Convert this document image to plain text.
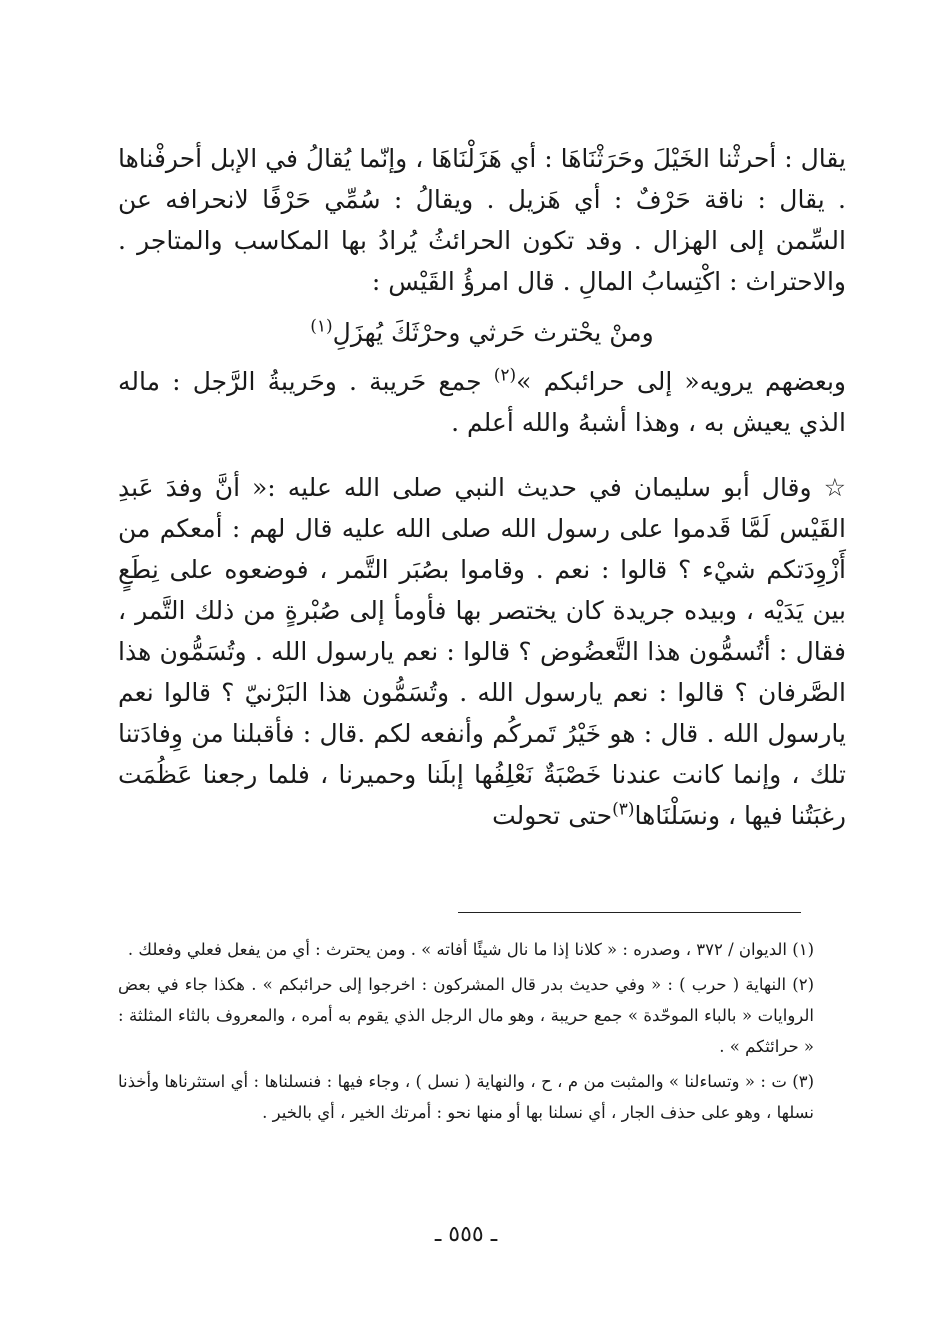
يقال : أحرثْنا الخَيْلَ وحَرَثْنَاهَا : أي هَزَلْنَاهَا ، وإنّما يُقالُ في الإبل أحرفْناها . يقال : ناقة حَرْفٌ : أي هَزيل . ويقالُ : سُمِّي حَرْفًا لانحرافه عن السِّمن إلى الهزال . وقد تكون الحرائثُ يُرادُ بها المكاسب والمتاجر . والاحتراث : اكْتِسابُ المالِ . قال امرؤُ القَيْس :

ومنْ يحْترث حَرثي وحرْثَكَ يُهزَلِ$^{(١)}$

وبعضهم يرويه« إلى حرائبكم »$^{(٢)}$ جمع حَريبة . وحَريبةُ الرَّجل : ماله الذي يعيش به ، وهذا أشبهُ والله أعلم .

☆ وقال أبو سليمان في حديث النبي صلى الله عليه :« أنَّ وفدَ عَبدِ القَيْس لَمَّا قَدموا على رسول الله صلى الله عليه قال لهم : أمعكم من أَزْوِدَتكم شيْء ؟ قالوا : نعم . وقاموا بصُبَر التَّمر ، فوضعوه على نِطَعٍ بين يَدَيْه ، وبيده جريدة كان يختصر بها فأومأ إلى صُبْرةٍ من ذلك التَّمر ، فقال : أتُسمُّون هذا التَّعضُوض ؟ قالوا : نعم يارسول الله . وتُسَمُّون هذا الصَّرفان ؟ قالوا : نعم يارسول الله . وتُسَمُّون هذا البَرْنيّ ؟ قالوا نعم يارسول الله . قال : هو خَيْرُ تَمركُم وأنفعه لكم .قال : فأقبلنا من وِفادَتنا تلك ، وإنما كانت عندنا خَصْبَةٌ نَعْلِفُها إبلَنا وحميرنا ، فلما رجعنا عَظُمَت رغبَتُنا فيها ، ونسَلْنَاها$^{(٣)}$حتى تحولت

(١) الديوان / ٣٧٢ ، وصدره : « كلانا إذا ما نال شيئًا أفاته » . ومن يحترث : أي من يفعل فعلي وفعلك .

(٢) النهاية ( حرب ) : « وفي حديث بدر قال المشركون : اخرجوا إلى حرائبكم » . هكذا جاء في بعض الروايات « بالباء الموحّدة » جمع حريبة ، وهو مال الرجل الذي يقوم به أمره ، والمعروف بالثاء المثلثة : « حرائثكم » .

(٣) ت : « وتساءلنا » والمثبت من م ، ح ، والنهاية ( نسل ) ، وجاء فيها : فنسلناها : أي استثرناها وأخذنا نسلها ، وهو على حذف الجار ، أي نسلنا بها أو منها نحو : أمرتك الخير ، أي بالخير .

ـ ٥٥٥ ـ
